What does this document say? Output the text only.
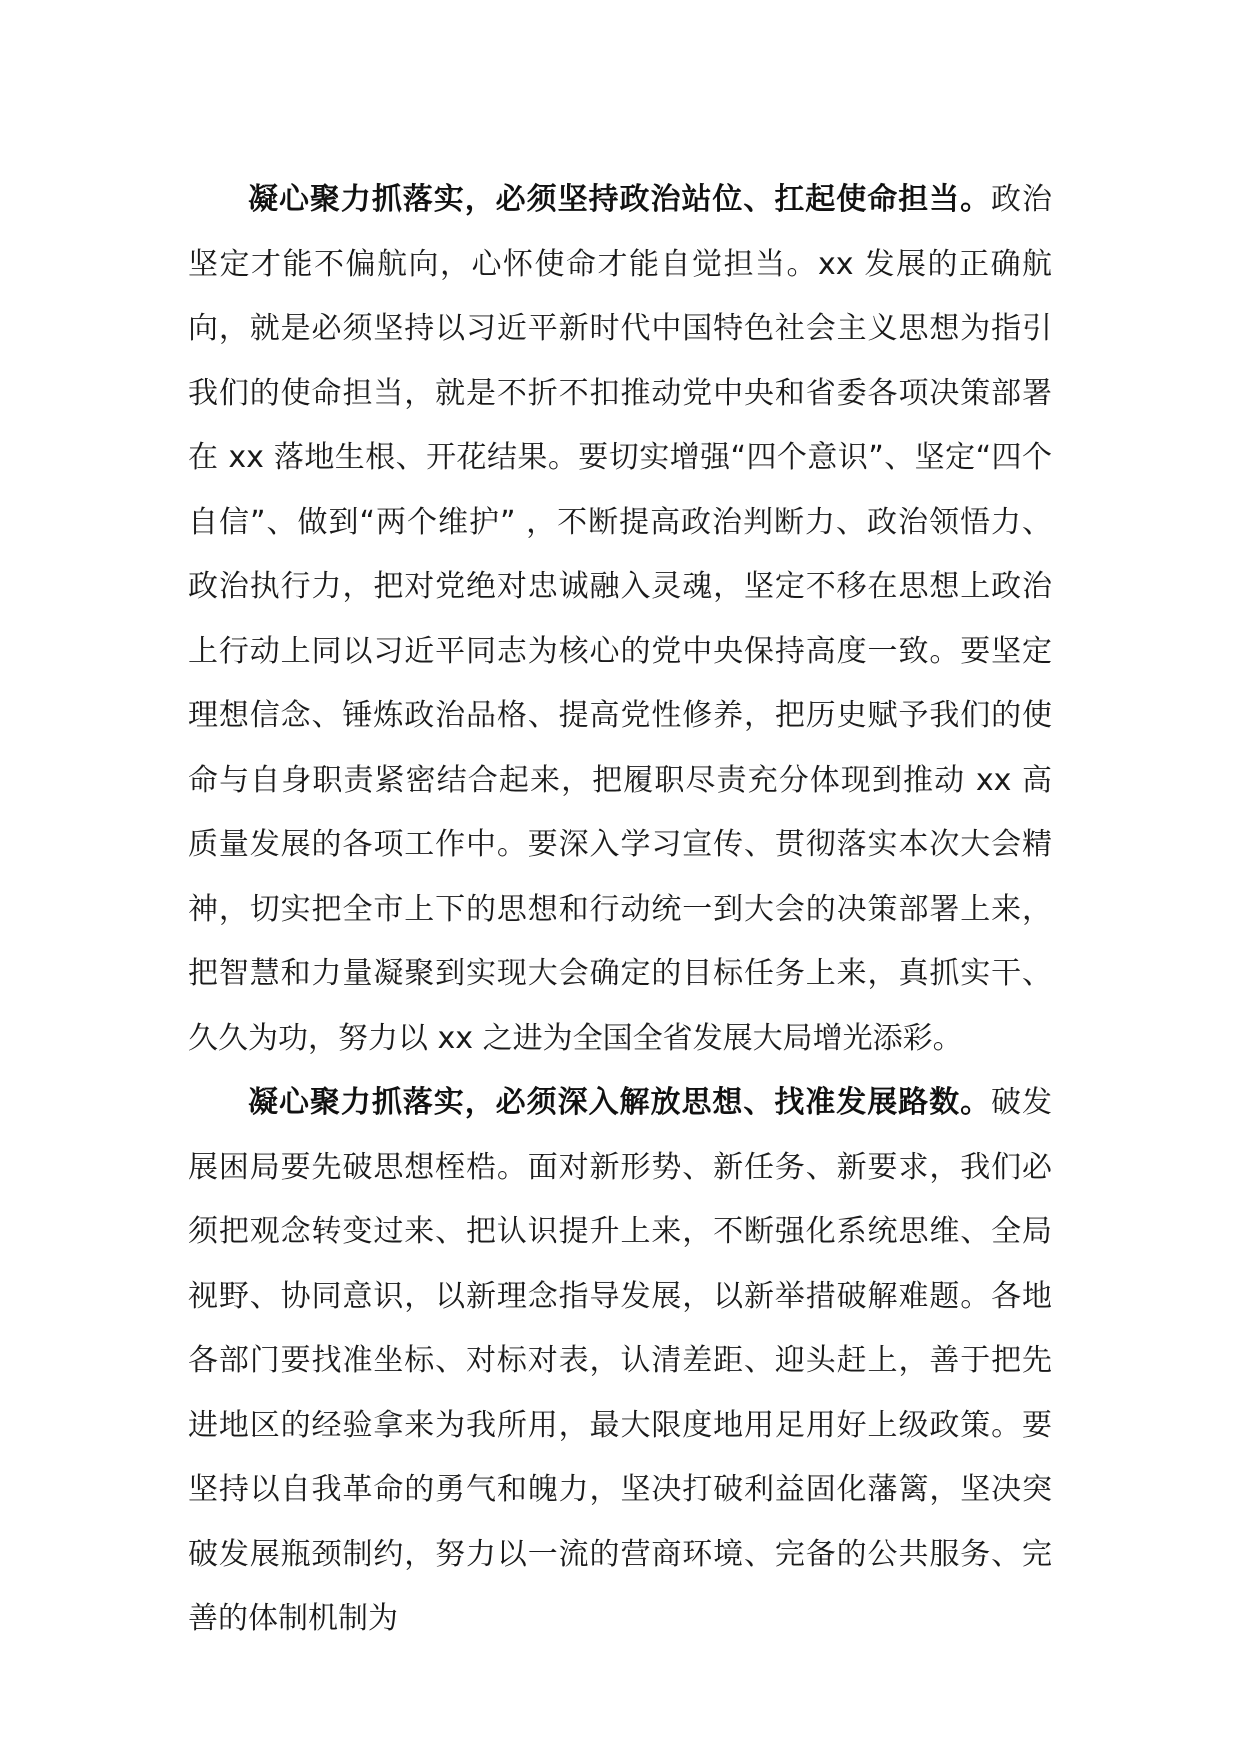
凝心聚力抓落实，必须坚持政治站位、扛起使命担当。政治坚定才能不偏航向，心怀使命才能自觉担当。xx 发展的正确航向，就是必须坚持以习近平新时代中国特色社会主义思想为指引我们的使命担当，就是不折不扣推动党中央和省委各项决策部署在 xx 落地生根、开花结果。要切实增强“四个意识”、坚定“四个自信”、做到“两个维护” ，不断提高政治判断力、政治领悟力、政治执行力，把对党绝对忠诚融入灵魂，坚定不移在思想上政治上行动上同以习近平同志为核心的党中央保持高度一致。要坚定理想信念、锤炼政治品格、提高党性修养，把历史赋予我们的使命与自身职责紧密结合起来，把履职尽责充分体现到推动 xx 高质量发展的各项工作中。要深入学习宣传、贯彻落实本次大会精神，切实把全市上下的思想和行动统一到大会的决策部署上来，把智慧和力量凝聚到实现大会确定的目标任务上来，真抓实干、久久为功，努力以 xx 之进为全国全省发展大局增光添彩。

凝心聚力抓落实，必须深入解放思想、找准发展路数。破发展困局要先破思想桎梏。面对新形势、新任务、新要求，我们必须把观念转变过来、把认识提升上来，不断强化系统思维、全局视野、协同意识，以新理念指导发展，以新举措破解难题。各地各部门要找准坐标、对标对表，认清差距、迎头赶上，善于把先进地区的经验拿来为我所用，最大限度地用足用好上级政策。要坚持以自我革命的勇气和魄力，坚决打破利益固化藩篱，坚决突破发展瓶颈制约，努力以一流的营商环境、完备的公共服务、完善的体制机制为
